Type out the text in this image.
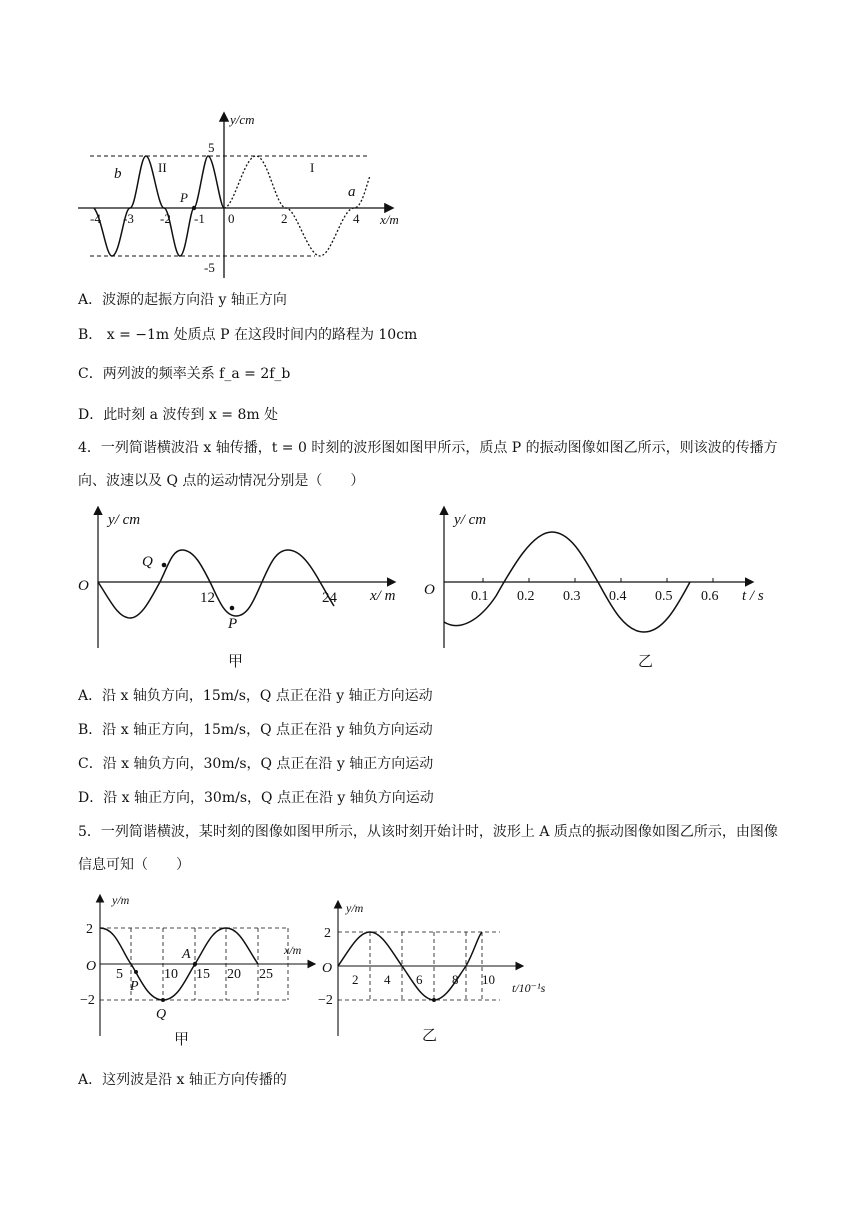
y/cm
x/m
5
-5
-4 -3 -2 -1 0	2	4
II	I
b
a
P
A．波源的起振方向沿 y 轴正方向
B． x = −1m 处质点 P 在这段时间内的路程为 10cm
C．两列波的频率关系 f_a = 2f_b
D．此时刻 a 波传到 x = 8m 处
4．一列简谐横波沿 x 轴传播，t = 0 时刻的波形图如图甲所示，质点 P 的振动图像如图乙所示，则该波的传播方向、波速以及 Q 点的运动情况分别是（　　）
y/ cm
x/ m
O
12	24
Q
P
甲
y/ cm
t / s
O	0.1 0.2 0.3 0.4 0.5 0.6
乙
A．沿 x 轴负方向，15m/s，Q 点正在沿 y 轴正方向运动
B．沿 x 轴正方向，15m/s，Q 点正在沿 y 轴负方向运动
C．沿 x 轴负方向，30m/s，Q 点正在沿 y 轴正方向运动
D．沿 x 轴正方向，30m/s，Q 点正在沿 y 轴负方向运动
5．一列简谐横波，某时刻的图像如图甲所示，从该时刻开始计时，波形上 A 质点的振动图像如图乙所示，由图像信息可知（　　）
y/m
x/m
O
2
−2
5	10 15 20 25
A
P
Q
甲
y/m
t/10⁻¹s
O
2
−2
2 4 6 8 10
乙
A．这列波是沿 x 轴正方向传播的
